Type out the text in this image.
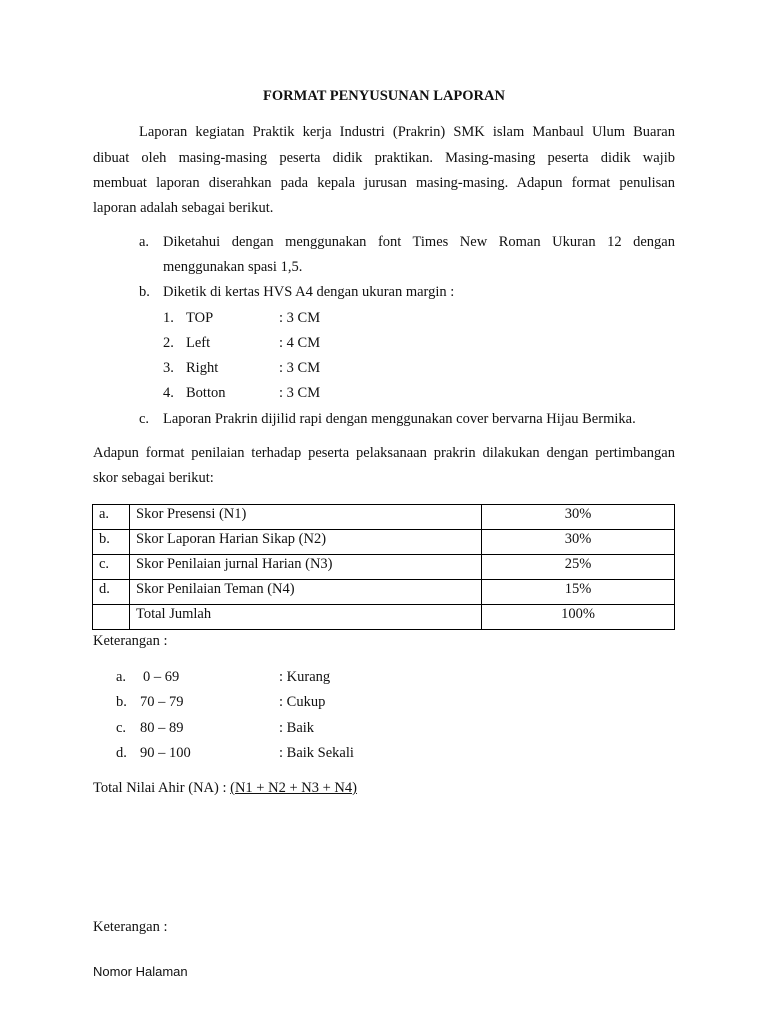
FORMAT PENYUSUNAN LAPORAN
Laporan kegiatan Praktik kerja Industri (Prakrin) SMK islam Manbaul Ulum Buaran
dibuat oleh masing-masing peserta didik praktikan. Masing-masing peserta didik wajib
membuat laporan diserahkan pada kepala jurusan masing-masing. Adapun format penulisan
laporan adalah sebagai berikut.
a. Diketahui dengan menggunakan font Times New Roman Ukuran 12 dengan
menggunakan spasi 1,5.
b. Diketik di kertas HVS A4 dengan ukuran margin :
1. TOP	: 3 CM
2. Left	: 4 CM
3. Right	: 3 CM
4. Botton	: 3 CM
c. Laporan Prakrin dijilid rapi dengan menggunakan cover bervarna Hijau Bermika.
Adapun format penilaian terhadap peserta pelaksanaan prakrin dilakukan dengan pertimbangan
skor sebagai berikut:
a.	Skor Presensi (N1)	30%
b.	Skor Laporan Harian Sikap (N2)	30%
c.	Skor Penilaian jurnal Harian (N3)	25%
d.	Skor Penilaian Teman (N4)	15%
	Total Jumlah	100%
Keterangan :
a. 0 – 69	: Kurang
b. 70 – 79	: Cukup
c. 80 – 89	: Baik
d. 90 – 100	: Baik Sekali
Total Nilai Ahir (NA) : (N1 + N2 + N3 + N4)
Keterangan :
Nomor Halaman
